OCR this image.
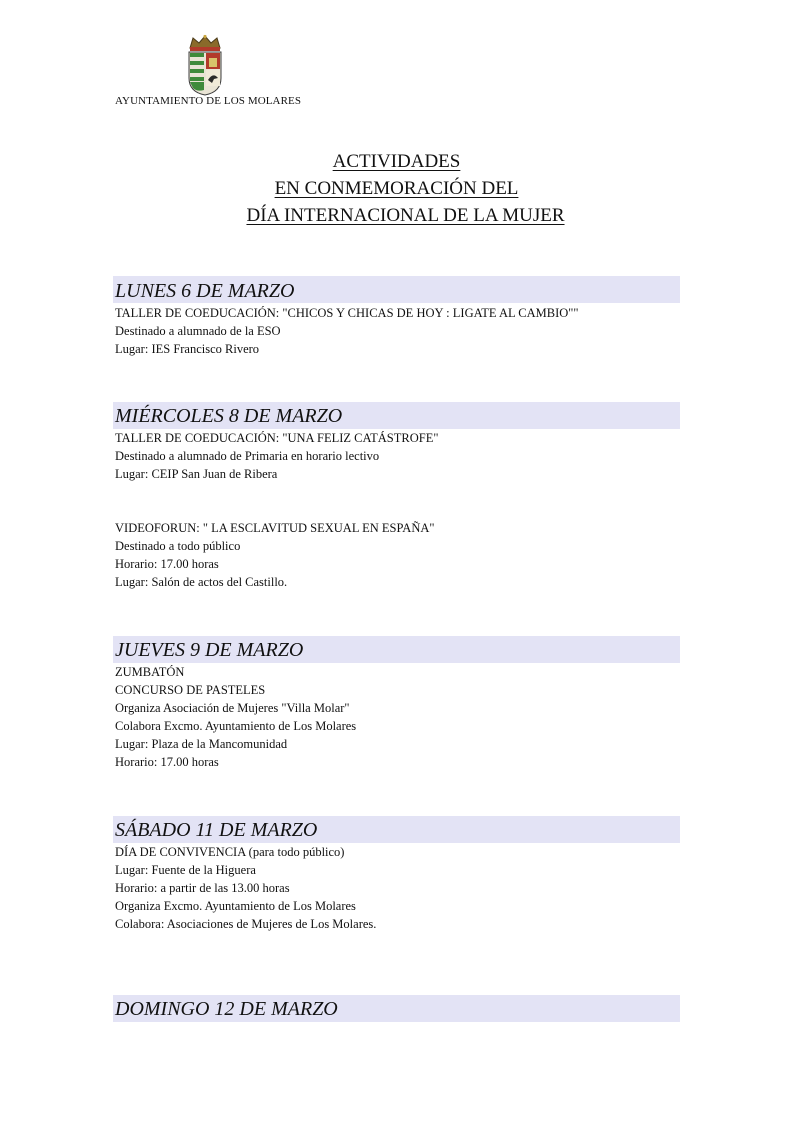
AYUNTAMIENTO DE LOS MOLARES
ACTIVIDADES
EN CONMEMORACIÓN DEL
DÍA INTERNACIONAL DE LA MUJER
LUNES 6 DE MARZO
TALLER DE COEDUCACIÓN: "CHICOS Y CHICAS DE HOY : LIGATE AL CAMBIO""
Destinado a alumnado de la ESO
Lugar: IES Francisco Rivero
MIÉRCOLES 8 DE MARZO
TALLER DE COEDUCACIÓN: "UNA FELIZ CATÁSTROFE"
Destinado a alumnado de Primaria en horario lectivo
Lugar: CEIP San Juan de Ribera
VIDEOFORUN: " LA ESCLAVITUD SEXUAL EN ESPAÑA"
Destinado a todo público
Horario: 17.00 horas
Lugar: Salón de actos del Castillo.
JUEVES 9 DE MARZO
ZUMBATÓN
CONCURSO DE PASTELES
Organiza Asociación de Mujeres "Villa Molar"
Colabora Excmo. Ayuntamiento de Los Molares
Lugar: Plaza de la Mancomunidad
Horario: 17.00 horas
SÁBADO 11 DE MARZO
DÍA DE CONVIVENCIA (para todo público)
Lugar: Fuente de la Higuera
Horario: a partir de las 13.00 horas
Organiza Excmo. Ayuntamiento de Los Molares
Colabora: Asociaciones de Mujeres de Los Molares.
DOMINGO 12 DE MARZO
